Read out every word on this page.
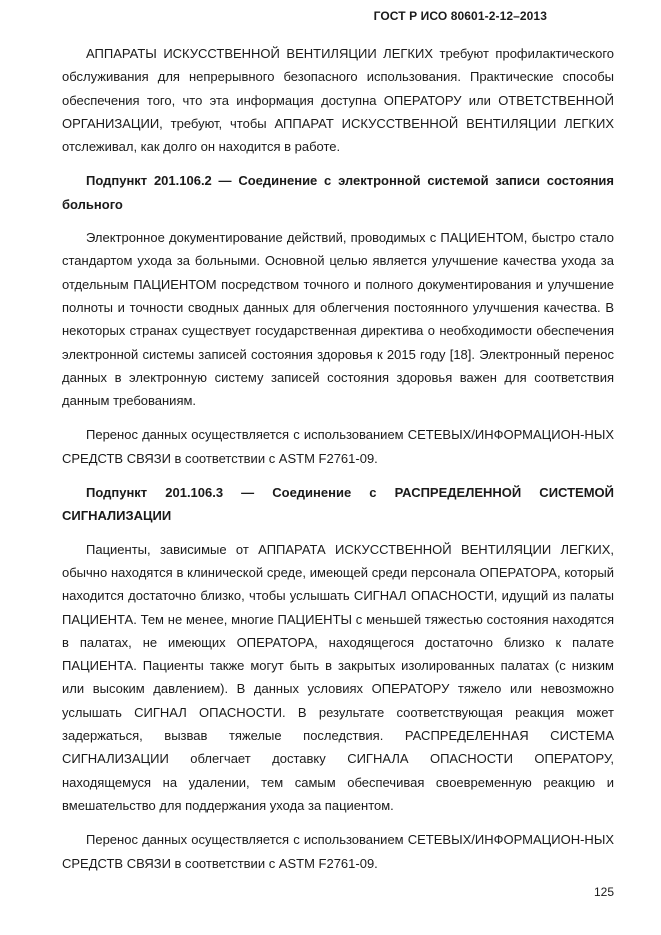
ГОСТ Р ИСО 80601-2-12–2013

АППАРАТЫ ИСКУССТВЕННОЙ ВЕНТИЛЯЦИИ ЛЕГКИХ требуют профилактического обслуживания для непрерывного безопасного использования. Практические способы обеспечения того, что эта информация доступна ОПЕРАТОРУ или ОТВЕТСТВЕННОЙ ОРГАНИЗАЦИИ, требуют, чтобы АППАРАТ ИСКУССТВЕННОЙ ВЕНТИЛЯЦИИ ЛЕГКИХ отслеживал, как долго он находится в работе.

Подпункт 201.106.2 — Соединение с электронной системой записи состояния больного

Электронное документирование действий, проводимых с ПАЦИЕНТОМ, быстро стало стандартом ухода за больными. Основной целью является улучшение качества ухода за отдельным ПАЦИЕНТОМ посредством точного и полного документирования и улучшение полноты и точности сводных данных для облегчения постоянного улучшения качества. В некоторых странах существует государственная директива о необходимости обеспечения электронной системы записей состояния здоровья к 2015 году [18]. Электронный перенос данных в электронную систему записей состояния здоровья важен для соответствия данным требованиям.

Перенос данных осуществляется с использованием СЕТЕВЫХ/ИНФОРМАЦИОН-НЫХ СРЕДСТВ СВЯЗИ в соответствии с ASTM F2761-09.

Подпункт 201.106.3 — Соединение с РАСПРЕДЕЛЕННОЙ СИСТЕМОЙ СИГНАЛИЗАЦИИ

Пациенты, зависимые от АППАРАТА ИСКУССТВЕННОЙ ВЕНТИЛЯЦИИ ЛЕГКИХ, обычно находятся в клинической среде, имеющей среди персонала ОПЕРАТОРА, который находится достаточно близко, чтобы услышать СИГНАЛ ОПАСНОСТИ, идущий из палаты ПАЦИЕНТА. Тем не менее, многие ПАЦИЕНТЫ с меньшей тяжестью состояния находятся в палатах, не имеющих ОПЕРАТОРА, находящегося достаточно близко к палате ПАЦИЕНТА. Пациенты также могут быть в закрытых изолированных палатах (с низким или высоким давлением). В данных условиях ОПЕРАТОРУ тяжело или невозможно услышать СИГНАЛ ОПАСНОСТИ. В результате соответствующая реакция может задержаться, вызвав тяжелые последствия. РАСПРЕДЕЛЕННАЯ СИСТЕМА СИГНАЛИЗАЦИИ облегчает доставку СИГНАЛА ОПАСНОСТИ ОПЕРАТОРУ, находящемуся на удалении, тем самым обеспечивая своевременную реакцию и вмешательство для поддержания ухода за пациентом.

Перенос данных осуществляется с использованием СЕТЕВЫХ/ИНФОРМАЦИОН-НЫХ СРЕДСТВ СВЯЗИ в соответствии с ASTM F2761-09.

125
